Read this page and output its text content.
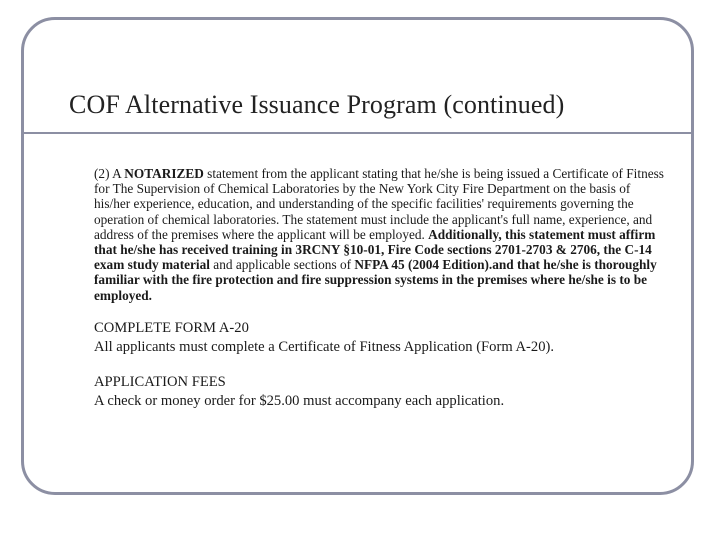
COF Alternative Issuance Program (continued)

(2) A NOTARIZED statement from the applicant stating that he/she is being issued a Certificate of Fitness for The Supervision of Chemical Laboratories by the New York City Fire Department on the basis of his/her experience, education, and understanding of the specific facilities' requirements governing the operation of chemical laboratories. The statement must include the applicant's full name, experience, and address of the premises where the applicant will be employed. Additionally, this statement must affirm that he/she has received training in 3RCNY §10-01, Fire Code sections 2701-2703 & 2706, the C-14 exam study material and applicable sections of NFPA 45 (2004 Edition).and that he/she is thoroughly familiar with the fire protection and fire suppression systems in the premises where he/she is to be employed.

COMPLETE FORM A-20

All applicants must complete a Certificate of Fitness Application (Form A-20).

APPLICATION FEES

A check or money order for $25.00 must accompany each application.
